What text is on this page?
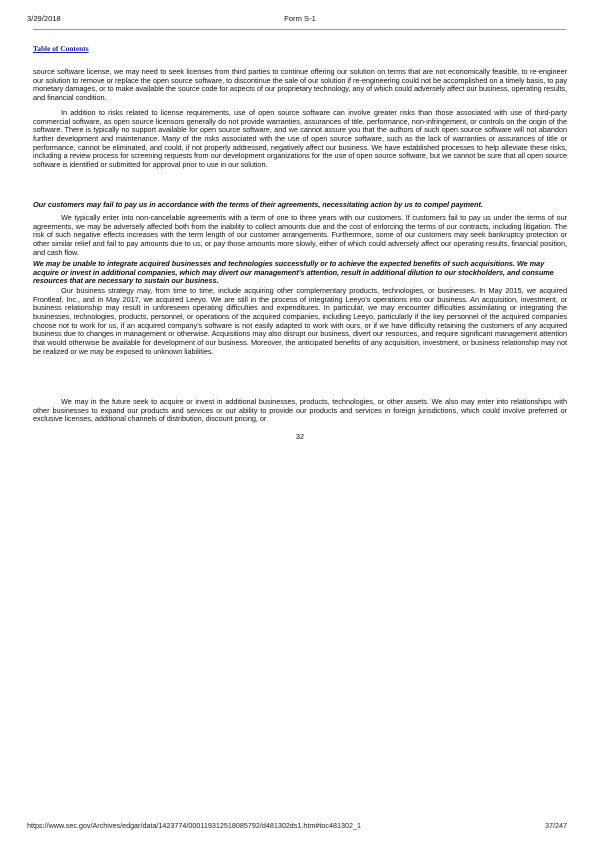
3/29/2018	Form S-1
Table of Contents
source software license, we may need to seek licenses from third parties to continue offering our solution on terms that are not economically feasible, to re-engineer our solution to remove or replace the open source software, to discontinue the sale of our solution if re-engineering could not be accomplished on a timely basis, to pay monetary damages, or to make available the source code for aspects of our proprietary technology, any of which could adversely affect our business, operating results, and financial condition.
In addition to risks related to license requirements, use of open source software can involve greater risks than those associated with use of third-party commercial software, as open source licensors generally do not provide warranties, assurances of title, performance, non-infringement, or controls on the origin of the software. There is typically no support available for open source software, and we cannot assure you that the authors of such open source software will not abandon further development and maintenance. Many of the risks associated with the use of open source software, such as the lack of warranties or assurances of title or performance, cannot be eliminated, and could, if not properly addressed, negatively affect our business. We have established processes to help alleviate these risks, including a review process for screening requests from our development organizations for the use of open source software, but we cannot be sure that all open source software is identified or submitted for approval prior to use in our solution.
Our customers may fail to pay us in accordance with the terms of their agreements, necessitating action by us to compel payment.
We typically enter into non-cancelable agreements with a term of one to three years with our customers. If customers fail to pay us under the terms of our agreements, we may be adversely affected both from the inability to collect amounts due and the cost of enforcing the terms of our contracts, including litigation. The risk of such negative effects increases with the term length of our customer arrangements. Furthermore, some of our customers may seek bankruptcy protection or other similar relief and fail to pay amounts due to us, or pay those amounts more slowly, either of which could adversely affect our operating results, financial position, and cash flow.
We may be unable to integrate acquired businesses and technologies successfully or to achieve the expected benefits of such acquisitions. We may acquire or invest in additional companies, which may divert our management’s attention, result in additional dilution to our stockholders, and consume resources that are necessary to sustain our business.
Our business strategy may, from time to time, include acquiring other complementary products, technologies, or businesses. In May 2015, we acquired Frontleaf, Inc., and in May 2017, we acquired Leeyo. We are still in the process of integrating Leeyo’s operations into our business. An acquisition, investment, or business relationship may result in unforeseen operating difficulties and expenditures. In particular, we may encounter difficulties assimilating or integrating the businesses, technologies, products, personnel, or operations of the acquired companies, including Leeyo, particularly if the key personnel of the acquired companies choose not to work for us, if an acquired company’s software is not easily adapted to work with ours, or if we have difficulty retaining the customers of any acquired business due to changes in management or otherwise. Acquisitions may also disrupt our business, divert our resources, and require significant management attention that would otherwise be available for development of our business. Moreover, the anticipated benefits of any acquisition, investment, or business relationship may not be realized or we may be exposed to unknown liabilities.
We may in the future seek to acquire or invest in additional businesses, products, technologies, or other assets. We also may enter into relationships with other businesses to expand our products and services or our ability to provide our products and services in foreign jurisdictions, which could involve preferred or exclusive licenses, additional channels of distribution, discount pricing, or
32
https://www.sec.gov/Archives/edgar/data/1423774/000119312518085792/d481302ds1.htm#toc481302_1	37/247
